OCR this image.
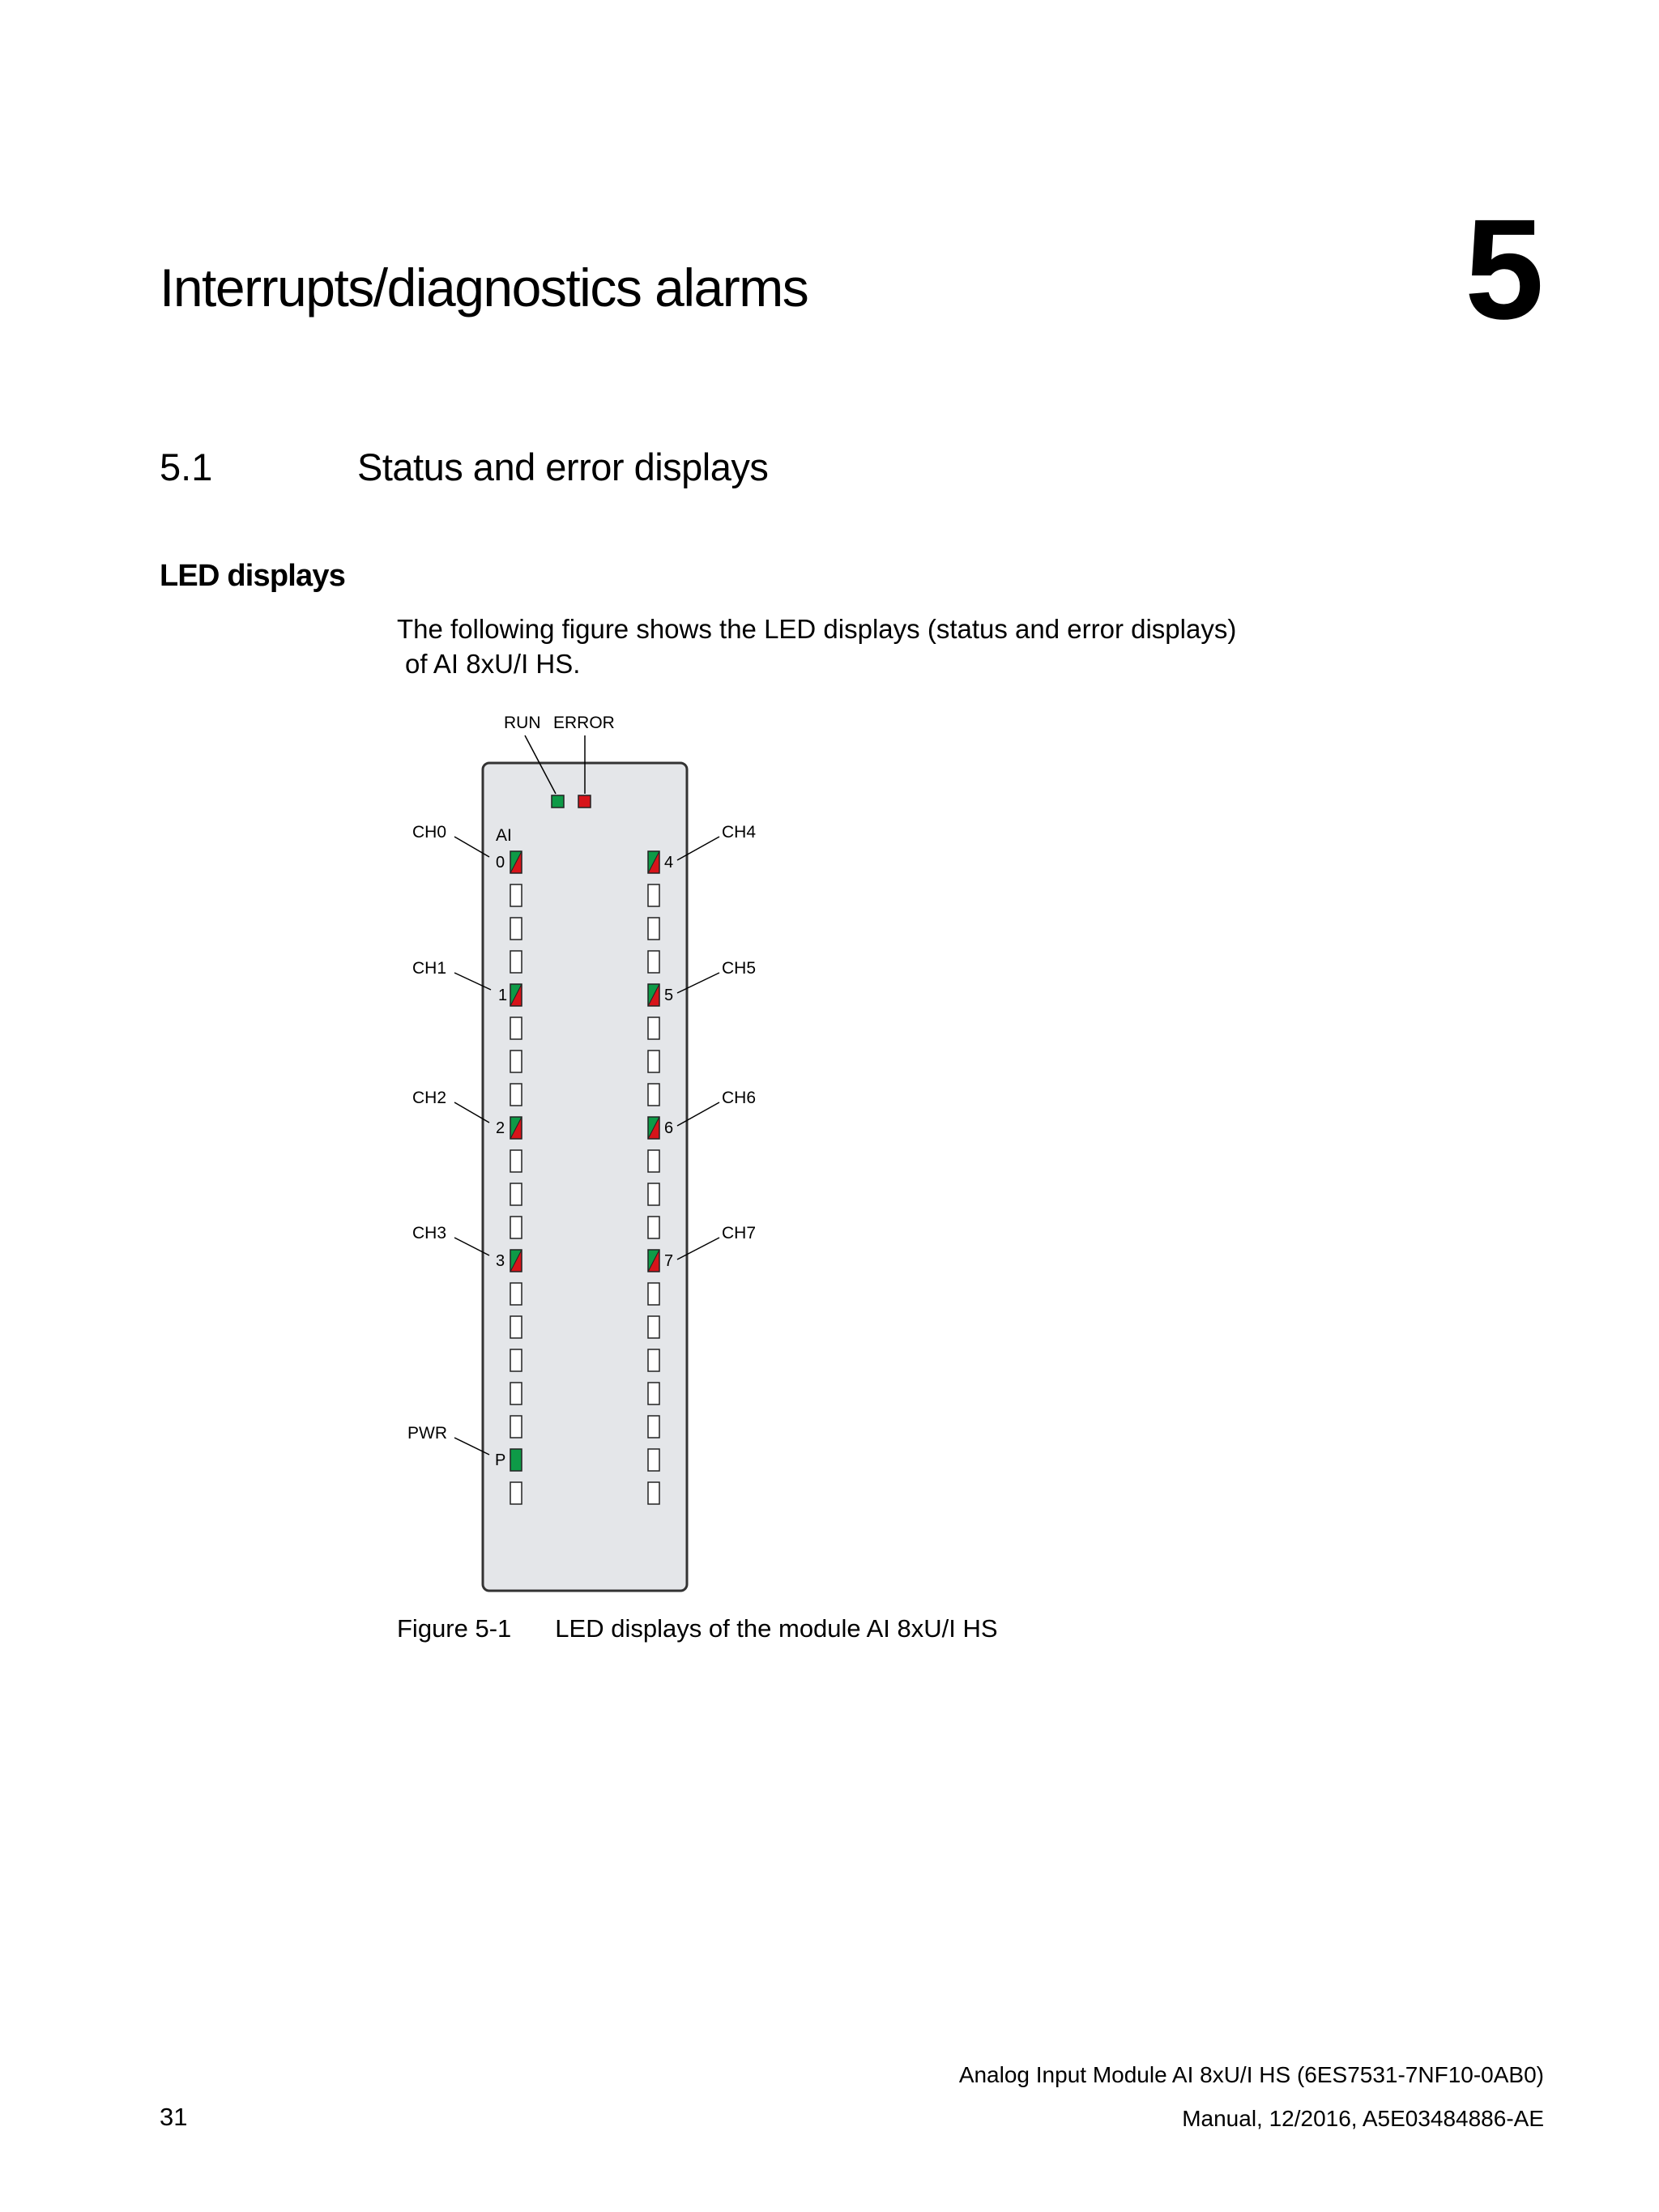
Interrupts/diagnostics alarms	5
5.1	Status and error displays
LED displays
The following figure shows the LED displays (status and error displays)
of AI 8xU/I HS.
RUN ERROR
AI
0
1
2
3
4
5
6
7
P
CH0
CH1
CH2
CH3
PWR
CH4
CH5
CH6
CH7
Figure 5-1 LED displays of the module AI 8xU/I HS
31
Analog Input Module AI 8xU/I HS (6ES7531-7NF10-0AB0)
Manual, 12/2016, A5E03484886-AE
